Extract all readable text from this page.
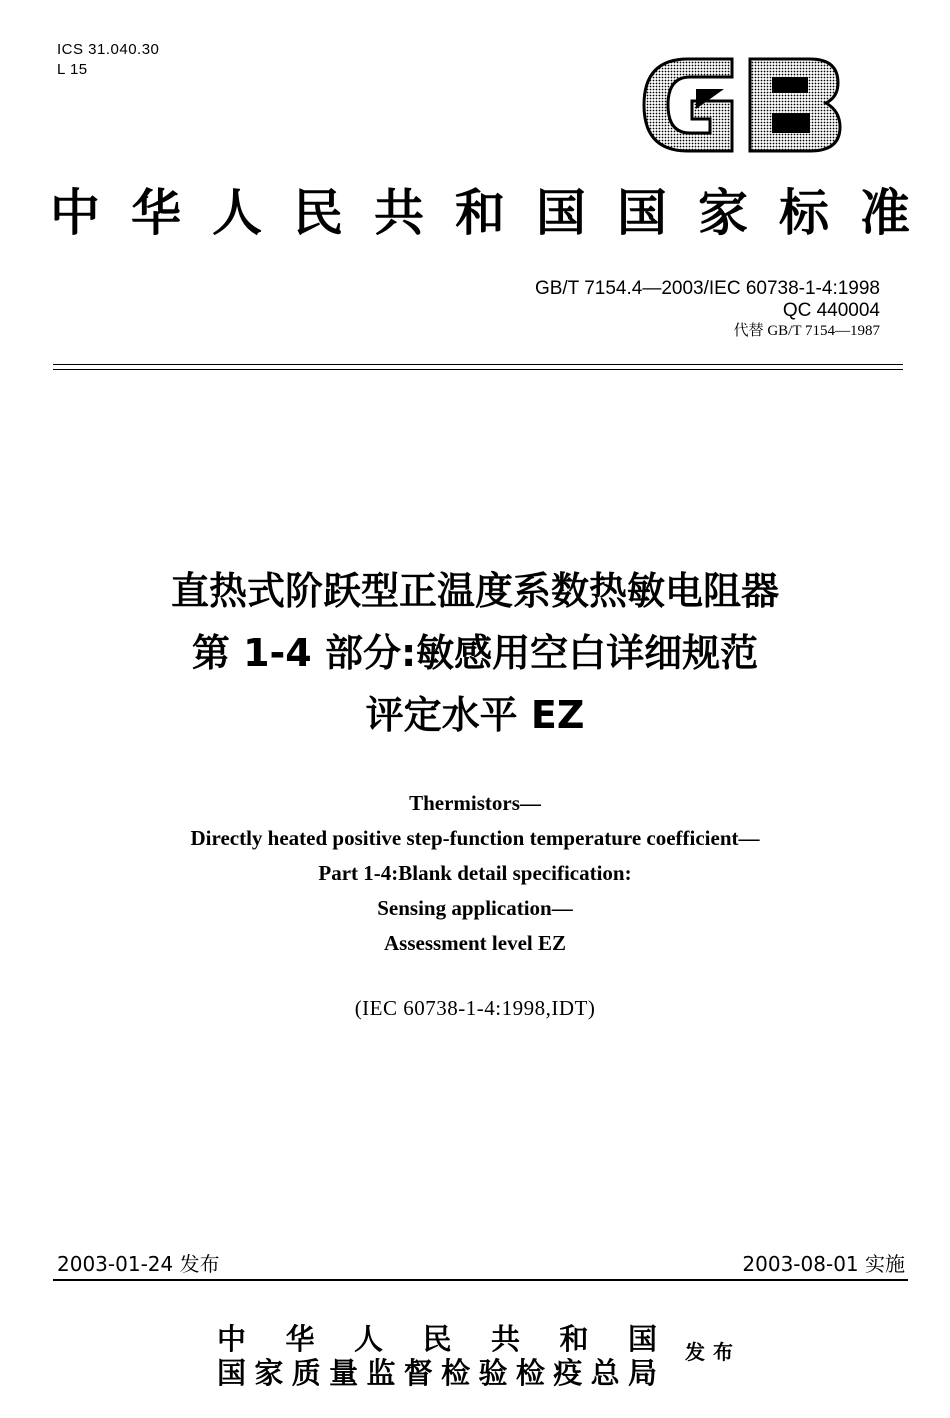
ICS 31.040.30
L 15
中华人民共和国国家标准
GB/T 7154.4—2003/IEC 60738-1-4:1998
QC 440004
代替 GB/T 7154—1987
直热式阶跃型正温度系数热敏电阻器
第 1-4 部分:敏感用空白详细规范
评定水平 EZ
Thermistors—
Directly heated positive step-function temperature coefficient—
Part 1-4:Blank detail specification:
Sensing application—
Assessment level EZ
(IEC 60738-1-4:1998,IDT)
2003-01-24 发布	2003-08-01 实施
中华人民共和国
国家质量监督检验检疫总局
发布
